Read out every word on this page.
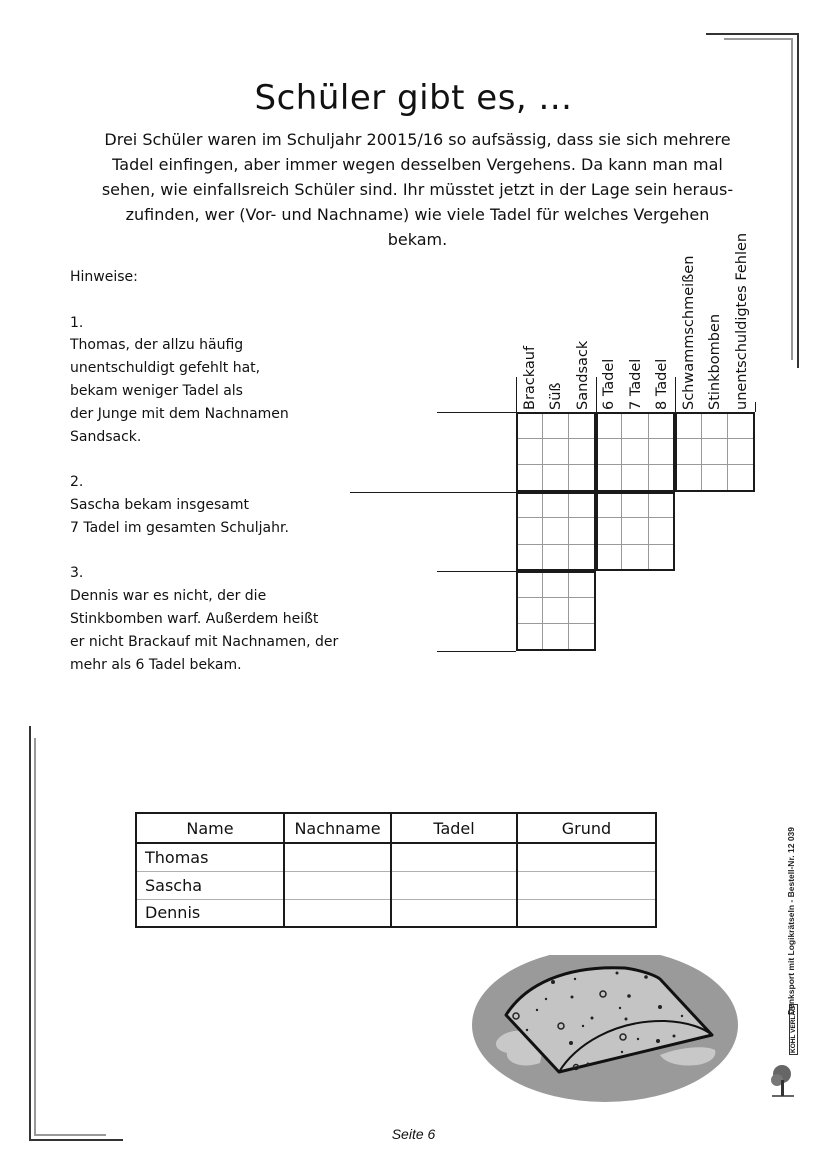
Schüler gibt es, ...
Drei Schüler waren im Schuljahr 20015/16 so aufsässig, dass sie sich mehrere Tadel einfingen, aber immer wegen desselben Vergehens. Da kann man mal sehen, wie einfallsreich Schüler sind. Ihr müsstet jetzt in der Lage sein heraus-zufinden, wer (Vor- und Nachname) wie viele Tadel für welches Vergehen bekam.

Hinweise:

1.

Thomas, der allzu häufig

unentschuldigt gefehlt hat,

bekam weniger Tadel als

der Junge mit dem Nachnamen

Sandsack.

2.

Sascha bekam insgesamt

7 Tadel im gesamten Schuljahr.

3.

Dennis war es nicht, der die

Stinkbomben warf. Außerdem heißt

er nicht Brackauf mit Nachnamen, der

mehr als 6 Tadel bekam.

Brackauf Süß Sandsack 6 Tadel 7 Tadel 8 Tadel Schwammschmeißen Stinkbomben unentschuldigtes Fehlen
Name	Nachname	Tadel	Grund
Thomas			
Sascha			
Dennis			
KOHL VERLAG
Denksport mit Logikrätseln - Bestell-Nr. 12 039
Seite 6
